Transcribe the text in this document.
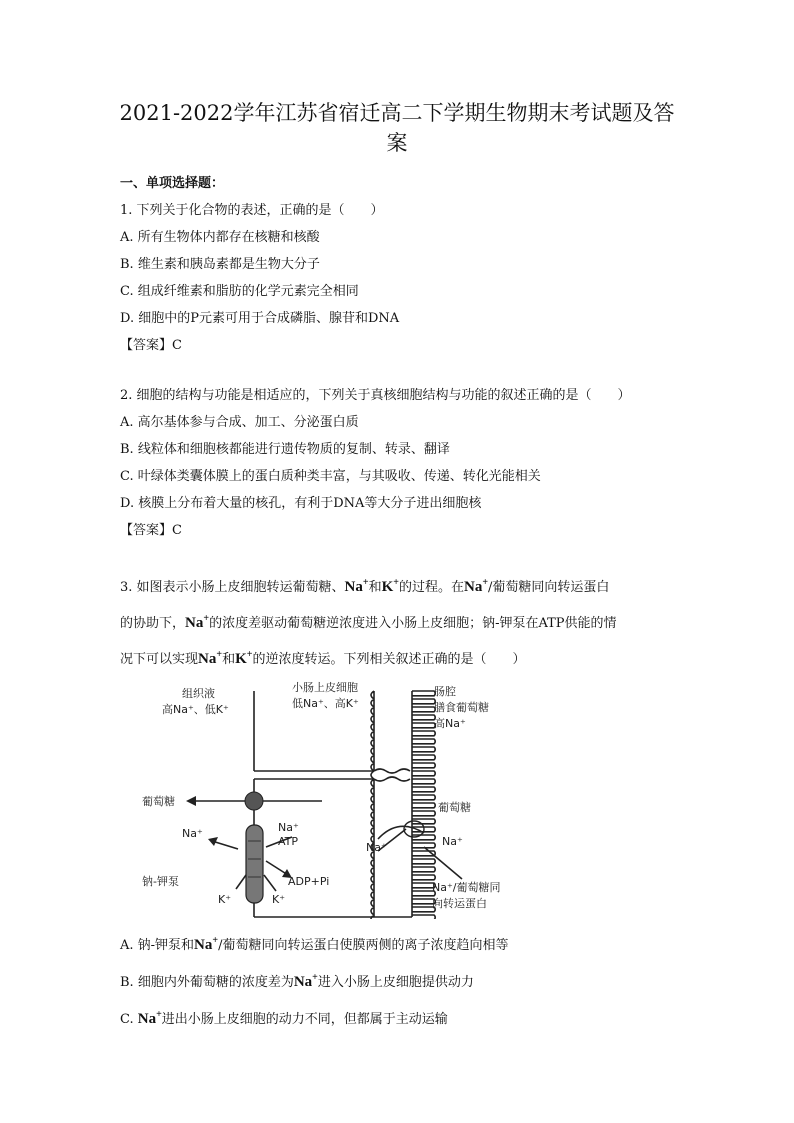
2021-2022学年江苏省宿迁高二下学期生物期末考试题及答
案
一、单项选择题：
1. 下列关于化合物的表述，正确的是（　　）
A. 所有生物体内都存在核糖和核酸
B. 维生素和胰岛素都是生物大分子
C. 组成纤维素和脂肪的化学元素完全相同
D. 细胞中的P元素可用于合成磷脂、腺苷和DNA
【答案】C
2. 细胞的结构与功能是相适应的，下列关于真核细胞结构与功能的叙述正确的是（　　）
A. 高尔基体参与合成、加工、分泌蛋白质
B. 线粒体和细胞核都能进行遗传物质的复制、转录、翻译
C. 叶绿体类囊体膜上的蛋白质种类丰富，与其吸收、传递、转化光能相关
D. 核膜上分布着大量的核孔，有利于DNA等大分子进出细胞核
【答案】C
3. 如图表示小肠上皮细胞转运葡萄糖、Na+和K+的过程。在Na+/葡萄糖同向转运蛋白
的协助下，Na+的浓度差驱动葡萄糖逆浓度进入小肠上皮细胞；钠-钾泵在ATP供能的情
况下可以实现Na+和K+的逆浓度转运。下列相关叙述正确的是（　　）
组织液
高Na⁺、低K⁺
小肠上皮细胞
低Na⁺、高K⁺
肠腔
膳食葡萄糖
高Na⁺
葡萄糖	葡萄糖
Na⁺	Na⁺
ATP
钠-钾泵	ADP+Pi
K⁺	K⁺
Na⁺
Na⁺
Na⁺/葡萄糖同
向转运蛋白
A. 钠-钾泵和Na+/葡萄糖同向转运蛋白使膜两侧的离子浓度趋向相等
B. 细胞内外葡萄糖的浓度差为Na+进入小肠上皮细胞提供动力
C. Na+进出小肠上皮细胞的动力不同，但都属于主动运输
